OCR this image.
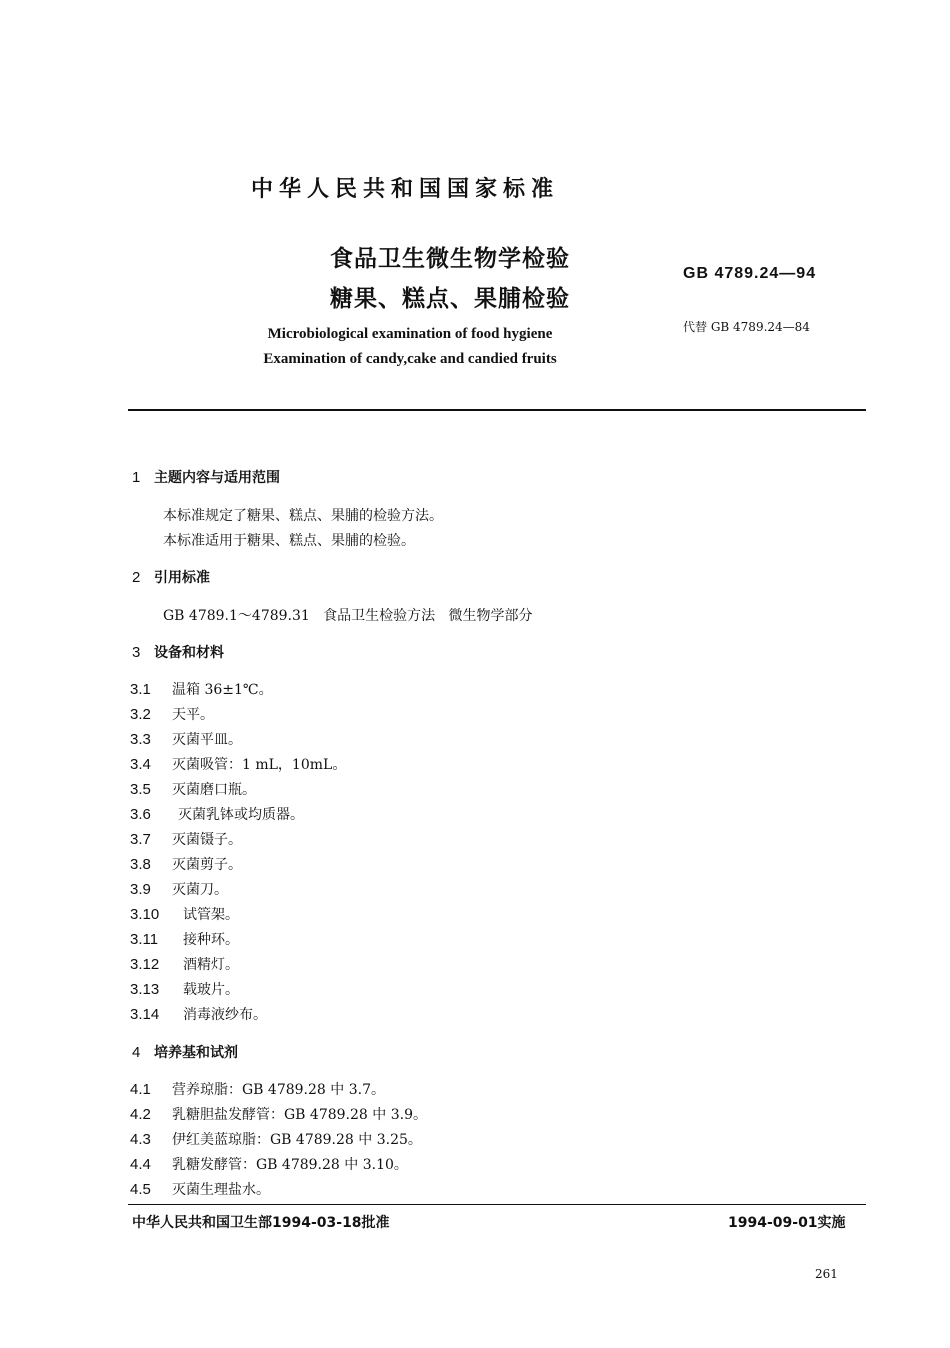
中华人民共和国国家标准
食品卫生微生物学检验
糖果、糕点、果脯检验
GB 4789.24—94
代替 GB 4789.24—84
Microbiological examination of food hygiene
Examination of candy,cake and candied fruits
1 主题内容与适用范围
本标准规定了糖果、糕点、果脯的检验方法。
本标准适用于糖果、糕点、果脯的检验。
2 引用标准
GB 4789.1～4789.31   食品卫生检验方法   微生物学部分
3 设备和材料
3.1 温箱 36±1℃。
3.2 天平。
3.3 灭菌平皿。
3.4 灭菌吸管：1 mL，10mL。
3.5 灭菌磨口瓶。
3.6 灭菌乳钵或均质器。
3.7 灭菌镊子。
3.8 灭菌剪子。
3.9 灭菌刀。
3.10 试管架。
3.11 接种环。
3.12 酒精灯。
3.13 载玻片。
3.14 消毒液纱布。
4 培养基和试剂
4.1 营养琼脂：GB 4789.28 中 3.7。
4.2 乳糖胆盐发酵管：GB 4789.28 中 3.9。
4.3 伊红美蓝琼脂：GB 4789.28 中 3.25。
4.4 乳糖发酵管：GB 4789.28 中 3.10。
4.5 灭菌生理盐水。
中华人民共和国卫生部1994-03-18批准	1994-09-01实施
261
